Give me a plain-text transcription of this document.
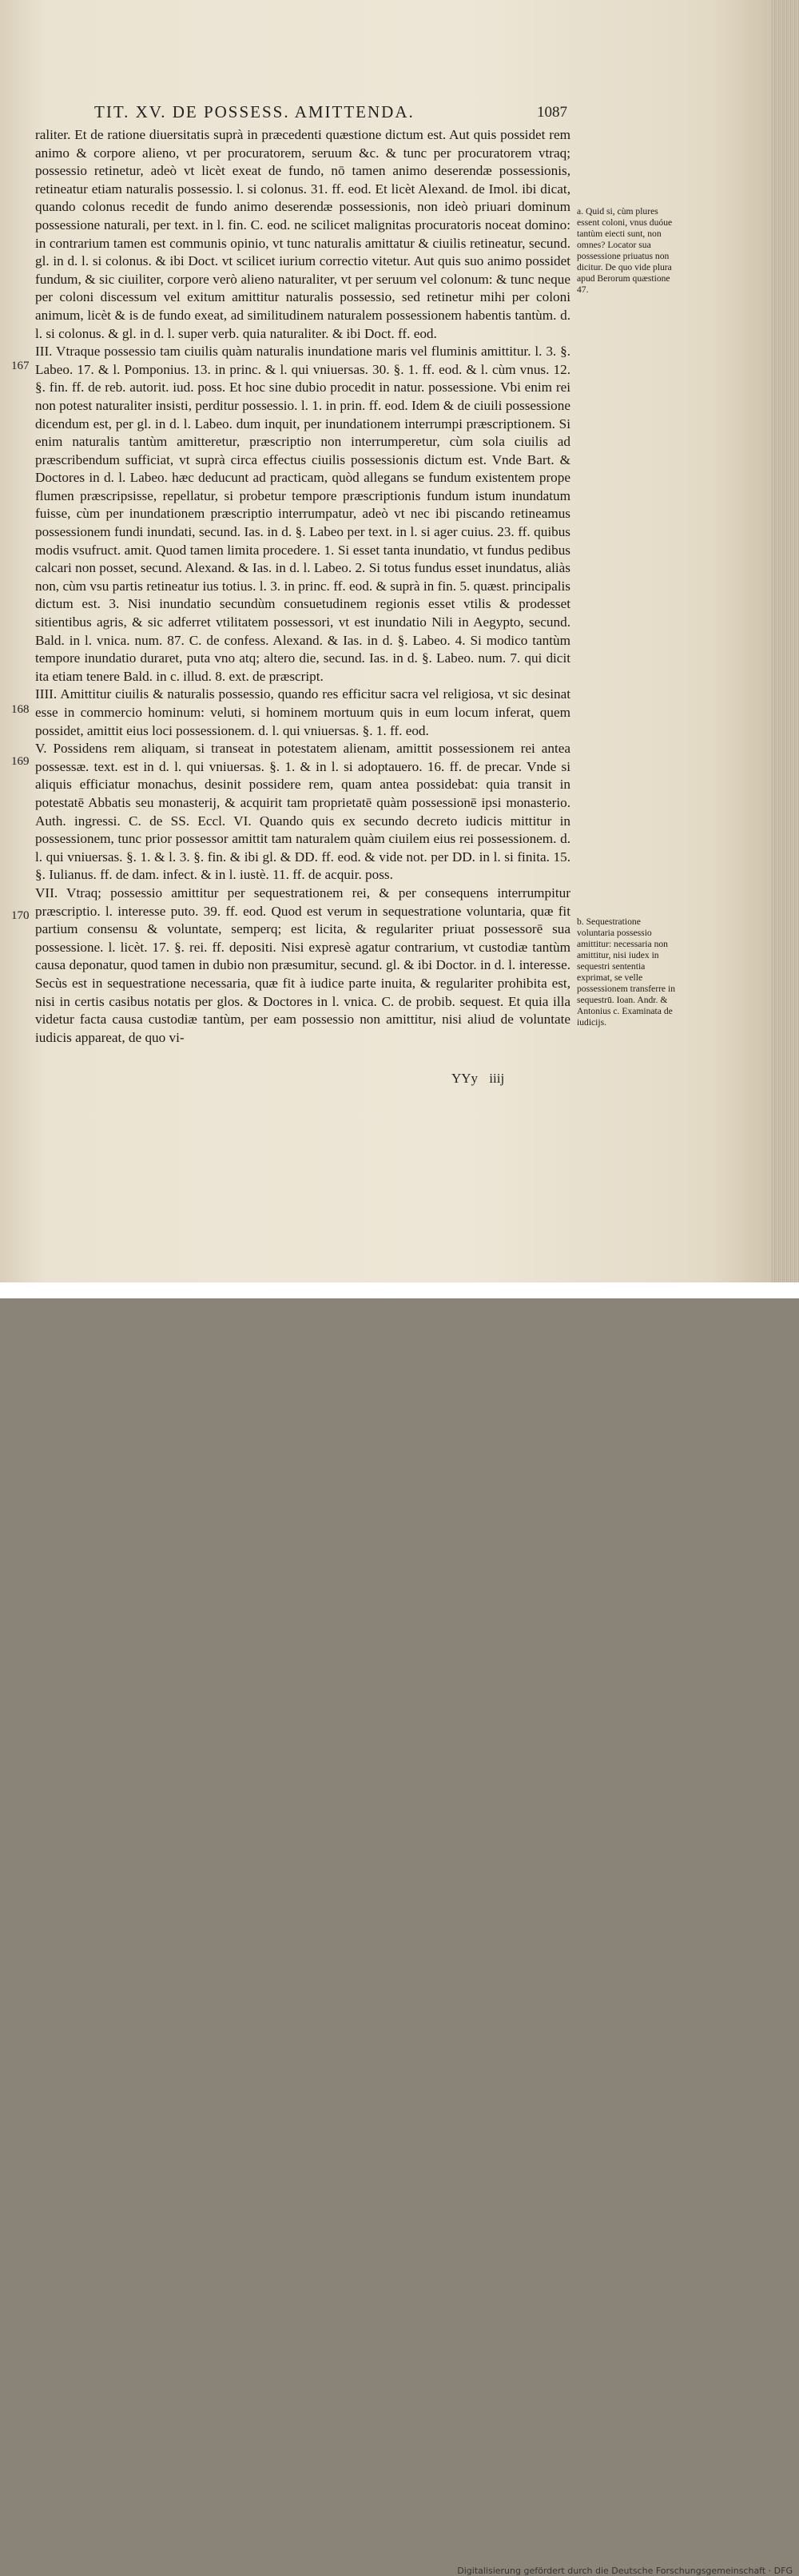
TIT. XV. DE POSSESS. AMITTENDA.	1087

raliter. Et de ratione diuersitatis suprà in præcedenti quæstione dictum est. Aut quis possidet rem animo & corpore alieno, vt per procuratorem, seruum &c. & tunc per procuratorem vtraq; possessio retinetur, adeò vt licèt exeat de fundo, nō tamen animo deserendæ possessionis, retineatur etiam naturalis possessio. l. si colonus. 31. ff. eod. Et licèt Alexand. de Imol. ibi dicat, quando colonus recedit de fundo animo deserendæ possessionis, non ideò priuari dominum possessione naturali, per text. in l. fin. C. eod. ne scilicet malignitas procuratoris noceat domino: in contrarium tamen est communis opinio, vt tunc naturalis amittatur & ciuilis retineatur, secund. gl. in d. l. si colonus. & ibi Doct. vt scilicet iurium correctio vitetur. Aut quis suo animo possidet fundum, & sic ciuiliter, corpore verò alieno naturaliter, vt per seruum vel colonum: & tunc neque per coloni discessum vel exitum amittitur naturalis possessio, sed retinetur mihi per coloni animum, licèt & is de fundo exeat, ad similitudinem naturalem possessionem habentis tantùm. d. l. si colonus. & gl. in d. l. super verb. quia naturaliter. & ibi Doct. ff. eod.

III. Vtraque possessio tam ciuilis quàm naturalis inundatione maris vel fluminis amittitur. l. 3. §. Labeo. 17. & l. Pomponius. 13. in princ. & l. qui vniuersas. 30. §. 1. ff. eod. & l. cùm vnus. 12. §. fin. ff. de reb. autorit. iud. poss. Et hoc sine dubio procedit in natur. possessione. Vbi enim rei non potest naturaliter insisti, perditur possessio. l. 1. in prin. ff. eod. Idem & de ciuili possessione dicendum est, per gl. in d. l. Labeo. dum inquit, per inundationem interrumpi præscriptionem. Si enim naturalis tantùm amitteretur, præscriptio non interrumperetur, cùm sola ciuilis ad præscribendum sufficiat, vt suprà circa effectus ciuilis possessionis dictum est. Vnde Bart. & Doctores in d. l. Labeo. hæc deducunt ad practicam, quòd allegans se fundum existentem prope flumen præscripsisse, repellatur, si probetur tempore præscriptionis fundum istum inundatum fuisse, cùm per inundationem præscriptio interrumpatur, adeò vt nec ibi piscando retineamus possessionem fundi inundati, secund. Ias. in d. §. Labeo per text. in l. si ager cuius. 23. ff. quibus modis vsufruct. amit. Quod tamen limita procedere. 1. Si esset tanta inundatio, vt fundus pedibus calcari non posset, secund. Alexand. & Ias. in d. l. Labeo. 2. Si totus fundus esset inundatus, aliàs non, cùm vsu partis retineatur ius totius. l. 3. in princ. ff. eod. & suprà in fin. 5. quæst. principalis dictum est. 3. Nisi inundatio secundùm consuetudinem regionis esset vtilis & prodesset sitientibus agris, & sic adferret vtilitatem possessori, vt est inundatio Nili in Aegypto, secund. Bald. in l. vnica. num. 87. C. de confess. Alexand. & Ias. in d. §. Labeo. 4. Si modico tantùm tempore inundatio duraret, puta vno atq; altero die, secund. Ias. in d. §. Labeo. num. 7. qui dicit ita etiam tenere Bald. in c. illud. 8. ext. de præscript.

IIII. Amittitur ciuilis & naturalis possessio, quando res efficitur sacra vel religiosa, vt sic desinat esse in commercio hominum: veluti, si hominem mortuum quis in eum locum inferat, quem possidet, amittit eius loci possessionem. d. l. qui vniuersas. §. 1. ff. eod.

V. Possidens rem aliquam, si transeat in potestatem alienam, amittit possessionem rei antea possessæ. text. est in d. l. qui vniuersas. §. 1. & in l. si adoptauero. 16. ff. de precar. Vnde si aliquis efficiatur monachus, desinit possidere rem, quam antea possidebat: quia transit in potestatē Abbatis seu monasterij, & acquirit tam proprietatē quàm possessionē ipsi monasterio. Auth. ingressi. C. de SS. Eccl. VI. Quando quis ex secundo decreto iudicis mittitur in possessionem, tunc prior possessor amittit tam naturalem quàm ciuilem eius rei possessionem. d. l. qui vniuersas. §. 1. & l. 3. §. fin. & ibi gl. & DD. ff. eod. & vide not. per DD. in l. si finita. 15. §. Iulianus. ff. de dam. infect. & in l. iustè. 11. ff. de acquir. poss.

VII. Vtraq; possessio amittitur per sequestrationem rei, & per consequens interrumpitur præscriptio. l. interesse puto. 39. ff. eod. Quod est verum in sequestratione voluntaria, quæ fit partium consensu & voluntate, semperq; est licita, & regulariter priuat possessorē sua possessione. l. licèt. 17. §. rei. ff. depositi. Nisi expresè agatur contrarium, vt custodiæ tantùm causa deponatur, quod tamen in dubio non præsumitur, secund. gl. & ibi Doctor. in d. l. interesse. Secùs est in sequestratione necessaria, quæ fit à iudice parte inuita, & regulariter prohibita est, nisi in certis casibus notatis per glos. & Doctores in l. vnica. C. de probib. sequest. Et quia illa videtur facta causa custodiæ tantùm, per eam possessio non amittitur, nisi aliud de voluntate iudicis appareat, de quo vi-

167
168
169
170
a. Quid si, cùm plures essent coloni, vnus duóue tantùm eiecti sunt, non omnes? Locator sua possessione priuatus non dicitur. De quo vide plura apud Berorum quæstione 47.
b. Sequestratione voluntaria possessio amittitur: necessaria non amittitur, nisi iudex in sequestri sententia exprimat, se velle possessionem transferre in sequestrū. Ioan. Andr. & Antonius c. Examinata de iudicijs.
YYy iiij
Digitalisierung gefördert durch die Deutsche Forschungsgemeinschaft · DFG
